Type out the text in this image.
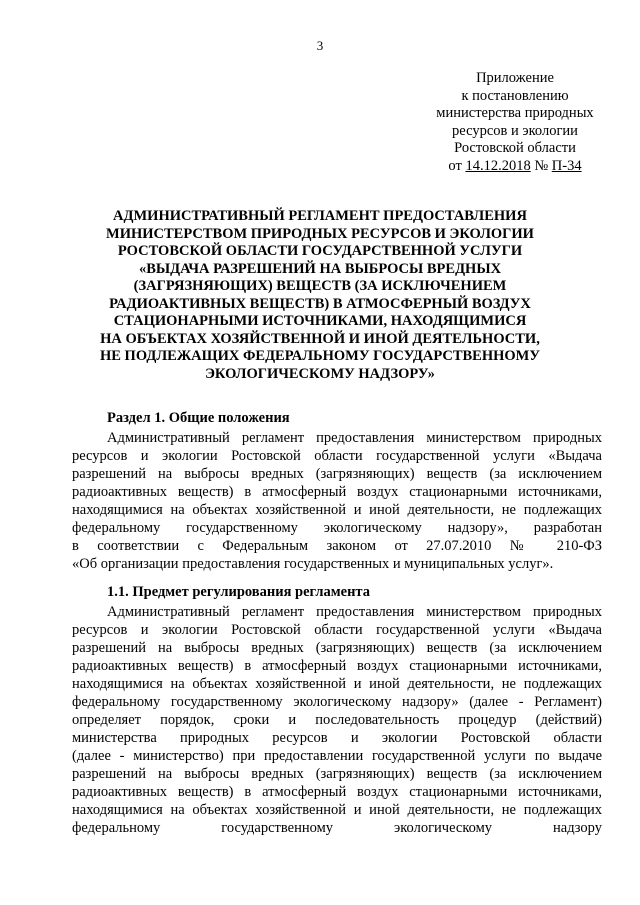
3
Приложение
к постановлению
министерства природных
ресурсов и экологии
Ростовской области
от 14.12.2018 № П-34
АДМИНИСТРАТИВНЫЙ РЕГЛАМЕНТ ПРЕДОСТАВЛЕНИЯ
МИНИСТЕРСТВОМ ПРИРОДНЫХ РЕСУРСОВ И ЭКОЛОГИИ
РОСТОВСКОЙ ОБЛАСТИ ГОСУДАРСТВЕННОЙ УСЛУГИ
«ВЫДАЧА РАЗРЕШЕНИЙ НА ВЫБРОСЫ ВРЕДНЫХ
(ЗАГРЯЗНЯЮЩИХ) ВЕЩЕСТВ (ЗА ИСКЛЮЧЕНИЕМ
РАДИОАКТИВНЫХ ВЕЩЕСТВ) В АТМОСФЕРНЫЙ ВОЗДУХ
СТАЦИОНАРНЫМИ ИСТОЧНИКАМИ, НАХОДЯЩИМИСЯ
НА ОБЪЕКТАХ ХОЗЯЙСТВЕННОЙ И ИНОЙ ДЕЯТЕЛЬНОСТИ,
НЕ ПОДЛЕЖАЩИХ ФЕДЕРАЛЬНОМУ ГОСУДАРСТВЕННОМУ
ЭКОЛОГИЧЕСКОМУ НАДЗОРУ»
Раздел 1. Общие положения
Административный регламент предоставления министерством природных
ресурсов и экологии Ростовской области государственной услуги «Выдача
разрешений на выбросы вредных (загрязняющих) веществ (за исключением
радиоактивных веществ) в атмосферный воздух стационарными источниками,
находящимися на объектах хозяйственной и иной деятельности, не подлежащих
федеральному государственному экологическому надзору», разработан
в соответствии с Федеральным законом от 27.07.2010 № 210-ФЗ
«Об организации предоставления государственных и муниципальных услуг».
1.1. Предмет регулирования регламента
Административный регламент предоставления министерством природных
ресурсов и экологии Ростовской области государственной услуги «Выдача
разрешений на выбросы вредных (загрязняющих) веществ (за исключением
радиоактивных веществ) в атмосферный воздух стационарными источниками,
находящимися на объектах хозяйственной и иной деятельности, не подлежащих
федеральному государственному экологическому надзору» (далее - Регламент)
определяет порядок, сроки и последовательность процедур (действий)
министерства природных ресурсов и экологии Ростовской области
(далее - министерство) при предоставлении государственной услуги по выдаче
разрешений на выбросы вредных (загрязняющих) веществ (за исключением
радиоактивных веществ) в атмосферный воздух стационарными источниками,
находящимися на объектах хозяйственной и иной деятельности, не подлежащих
федеральному государственному экологическому надзору
